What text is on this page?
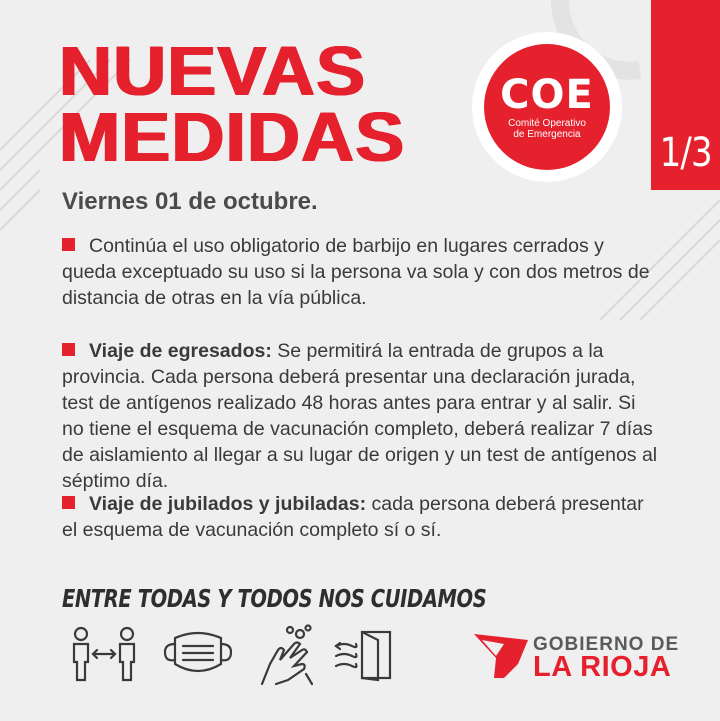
NUEVAS
MEDIDAS
COE
Comité Operativo
de Emergencia 1/3
Viernes 01 de octubre.
Continúa el uso obligatorio de barbijo en lugares cerrados y queda exceptuado su uso si la persona va sola y con dos metros de distancia de otras en la vía pública.
Viaje de egresados: Se permitirá la entrada de grupos a la provincia. Cada persona deberá presentar una declaración jurada, test de antígenos realizado 48 horas antes para entrar y al salir. Si no tiene el esquema de vacunación completo, deberá realizar 7 días de aislamiento al llegar a su lugar de origen y un test de antígenos al séptimo día.
Viaje de jubilados y jubiladas: cada persona deberá presentar el esquema de vacunación completo sí o sí.
ENTRE TODAS Y TODOS NOS CUIDAMOS
GOBIERNO DE
LA RIOJA
